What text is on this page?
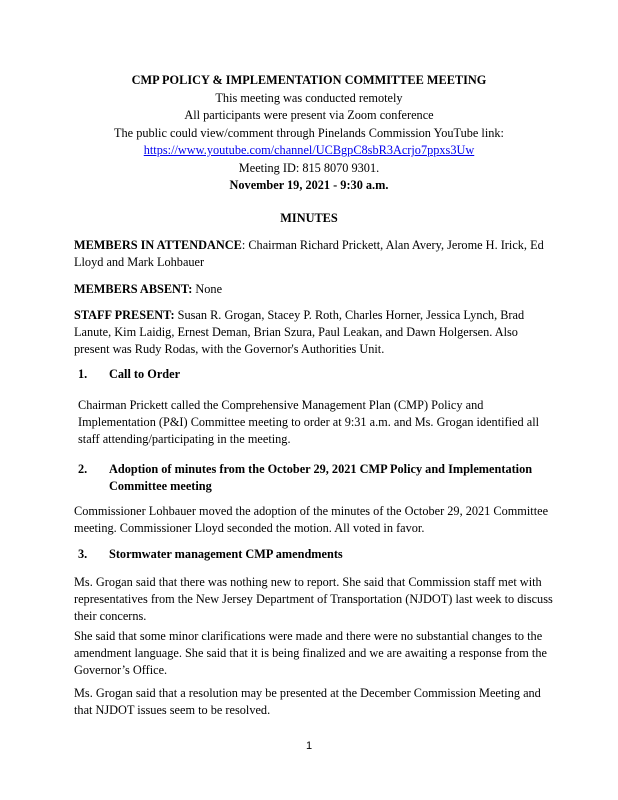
CMP POLICY & IMPLEMENTATION COMMITTEE MEETING
This meeting was conducted remotely
All participants were present via Zoom conference
The public could view/comment through Pinelands Commission YouTube link:
https://www.youtube.com/channel/UCBgpC8sbR3Acrjo7ppxs3Uw
Meeting ID: 815 8070 9301.
November 19, 2021 - 9:30 a.m.
MINUTES
MEMBERS IN ATTENDANCE: Chairman Richard Prickett, Alan Avery, Jerome H. Irick, Ed Lloyd and Mark Lohbauer
MEMBERS ABSENT: None
STAFF PRESENT: Susan R. Grogan, Stacey P. Roth, Charles Horner, Jessica Lynch, Brad Lanute, Kim Laidig, Ernest Deman, Brian Szura, Paul Leakan, and Dawn Holgersen. Also present was Rudy Rodas, with the Governor's Authorities Unit.
1. Call to Order
Chairman Prickett called the Comprehensive Management Plan (CMP) Policy and Implementation (P&I) Committee meeting to order at 9:31 a.m. and Ms. Grogan identified all staff attending/participating in the meeting.
2. Adoption of minutes from the October 29, 2021 CMP Policy and Implementation Committee meeting
Commissioner Lohbauer moved the adoption of the minutes of the October 29, 2021 Committee meeting. Commissioner Lloyd seconded the motion. All voted in favor.
3. Stormwater management CMP amendments
Ms. Grogan said that there was nothing new to report. She said that Commission staff met with representatives from the New Jersey Department of Transportation (NJDOT) last week to discuss their concerns.
She said that some minor clarifications were made and there were no substantial changes to the amendment language. She said that it is being finalized and we are awaiting a response from the Governor’s Office.
Ms. Grogan said that a resolution may be presented at the December Commission Meeting and that NJDOT issues seem to be resolved.
1
